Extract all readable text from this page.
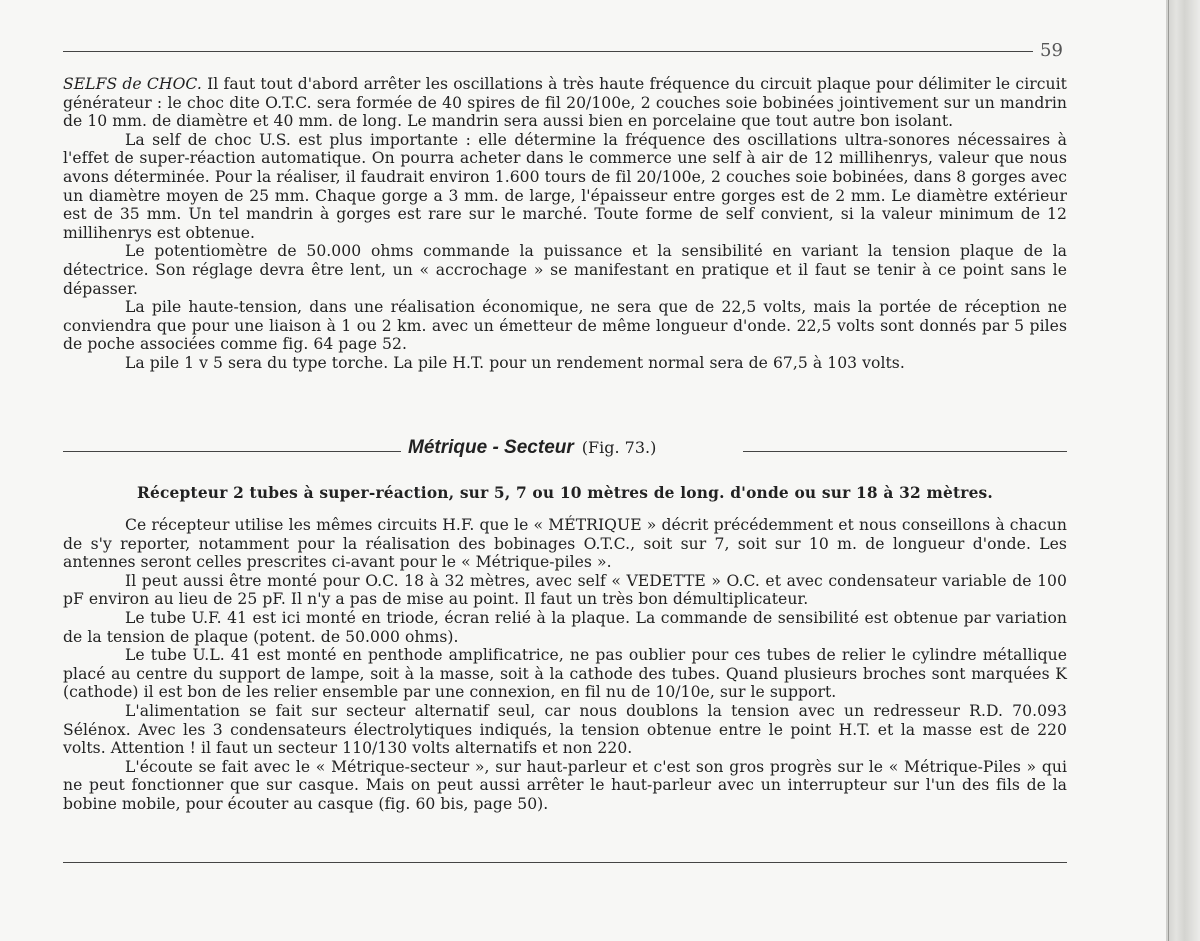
59

SELFS de CHOC. Il faut tout d'abord arrêter les oscillations à très haute fréquence du circuit plaque pour délimiter le circuit générateur : le choc dite O.T.C. sera formée de 40 spires de fil 20/100e, 2 couches soie bobinées jointivement sur un mandrin de 10 mm. de diamètre et 40 mm. de long. Le mandrin sera aussi bien en porcelaine que tout autre bon isolant.

La self de choc U.S. est plus importante : elle détermine la fréquence des oscillations ultra-sonores nécessaires à l'effet de super-réaction automatique. On pourra acheter dans le commerce une self à air de 12 millihenrys, valeur que nous avons déterminée. Pour la réaliser, il faudrait environ 1.600 tours de fil 20/100e, 2 couches soie bobinées, dans 8 gorges avec un diamètre moyen de 25 mm. Chaque gorge a 3 mm. de large, l'épaisseur entre gorges est de 2 mm. Le diamètre extérieur est de 35 mm. Un tel mandrin à gorges est rare sur le marché. Toute forme de self convient, si la valeur minimum de 12 millihenrys est obtenue.

Le potentiomètre de 50.000 ohms commande la puissance et la sensibilité en variant la tension plaque de la détectrice. Son réglage devra être lent, un « accrochage » se manifestant en pratique et il faut se tenir à ce point sans le dépasser.

La pile haute-tension, dans une réalisation économique, ne sera que de 22,5 volts, mais la portée de réception ne conviendra que pour une liaison à 1 ou 2 km. avec un émetteur de même longueur d'onde. 22,5 volts sont donnés par 5 piles de poche associées comme fig. 64 page 52.

La pile 1 v 5 sera du type torche. La pile H.T. pour un rendement normal sera de 67,5 à 103 volts.

Métrique - Secteur (Fig. 73.)
Récepteur 2 tubes à super-réaction, sur 5, 7 ou 10 mètres de long. d'onde ou sur 18 à 32 mètres.

Ce récepteur utilise les mêmes circuits H.F. que le « MÉTRIQUE » décrit précédemment et nous conseillons à chacun de s'y reporter, notamment pour la réalisation des bobinages O.T.C., soit sur 7, soit sur 10 m. de longueur d'onde. Les antennes seront celles prescrites ci-avant pour le « Métrique-piles ».

Il peut aussi être monté pour O.C. 18 à 32 mètres, avec self « VEDETTE » O.C. et avec condensateur variable de 100 pF environ au lieu de 25 pF. Il n'y a pas de mise au point. Il faut un très bon démultiplicateur.

Le tube U.F. 41 est ici monté en triode, écran relié à la plaque. La commande de sensibilité est obtenue par variation de la tension de plaque (potent. de 50.000 ohms).

Le tube U.L. 41 est monté en penthode amplificatrice, ne pas oublier pour ces tubes de relier le cylindre métallique placé au centre du support de lampe, soit à la masse, soit à la cathode des tubes. Quand plusieurs broches sont marquées K (cathode) il est bon de les relier ensemble par une connexion, en fil nu de 10/10e, sur le support.

L'alimentation se fait sur secteur alternatif seul, car nous doublons la tension avec un redresseur R.D. 70.093 Sélénox. Avec les 3 condensateurs électrolytiques indiqués, la tension obtenue entre le point H.T. et la masse est de 220 volts. Attention ! il faut un secteur 110/130 volts alternatifs et non 220.

L'écoute se fait avec le « Métrique-secteur », sur haut-parleur et c'est son gros progrès sur le « Métrique-Piles » qui ne peut fonctionner que sur casque. Mais on peut aussi arrêter le haut-parleur avec un interrupteur sur l'un des fils de la bobine mobile, pour écouter au casque (fig. 60 bis, page 50).
